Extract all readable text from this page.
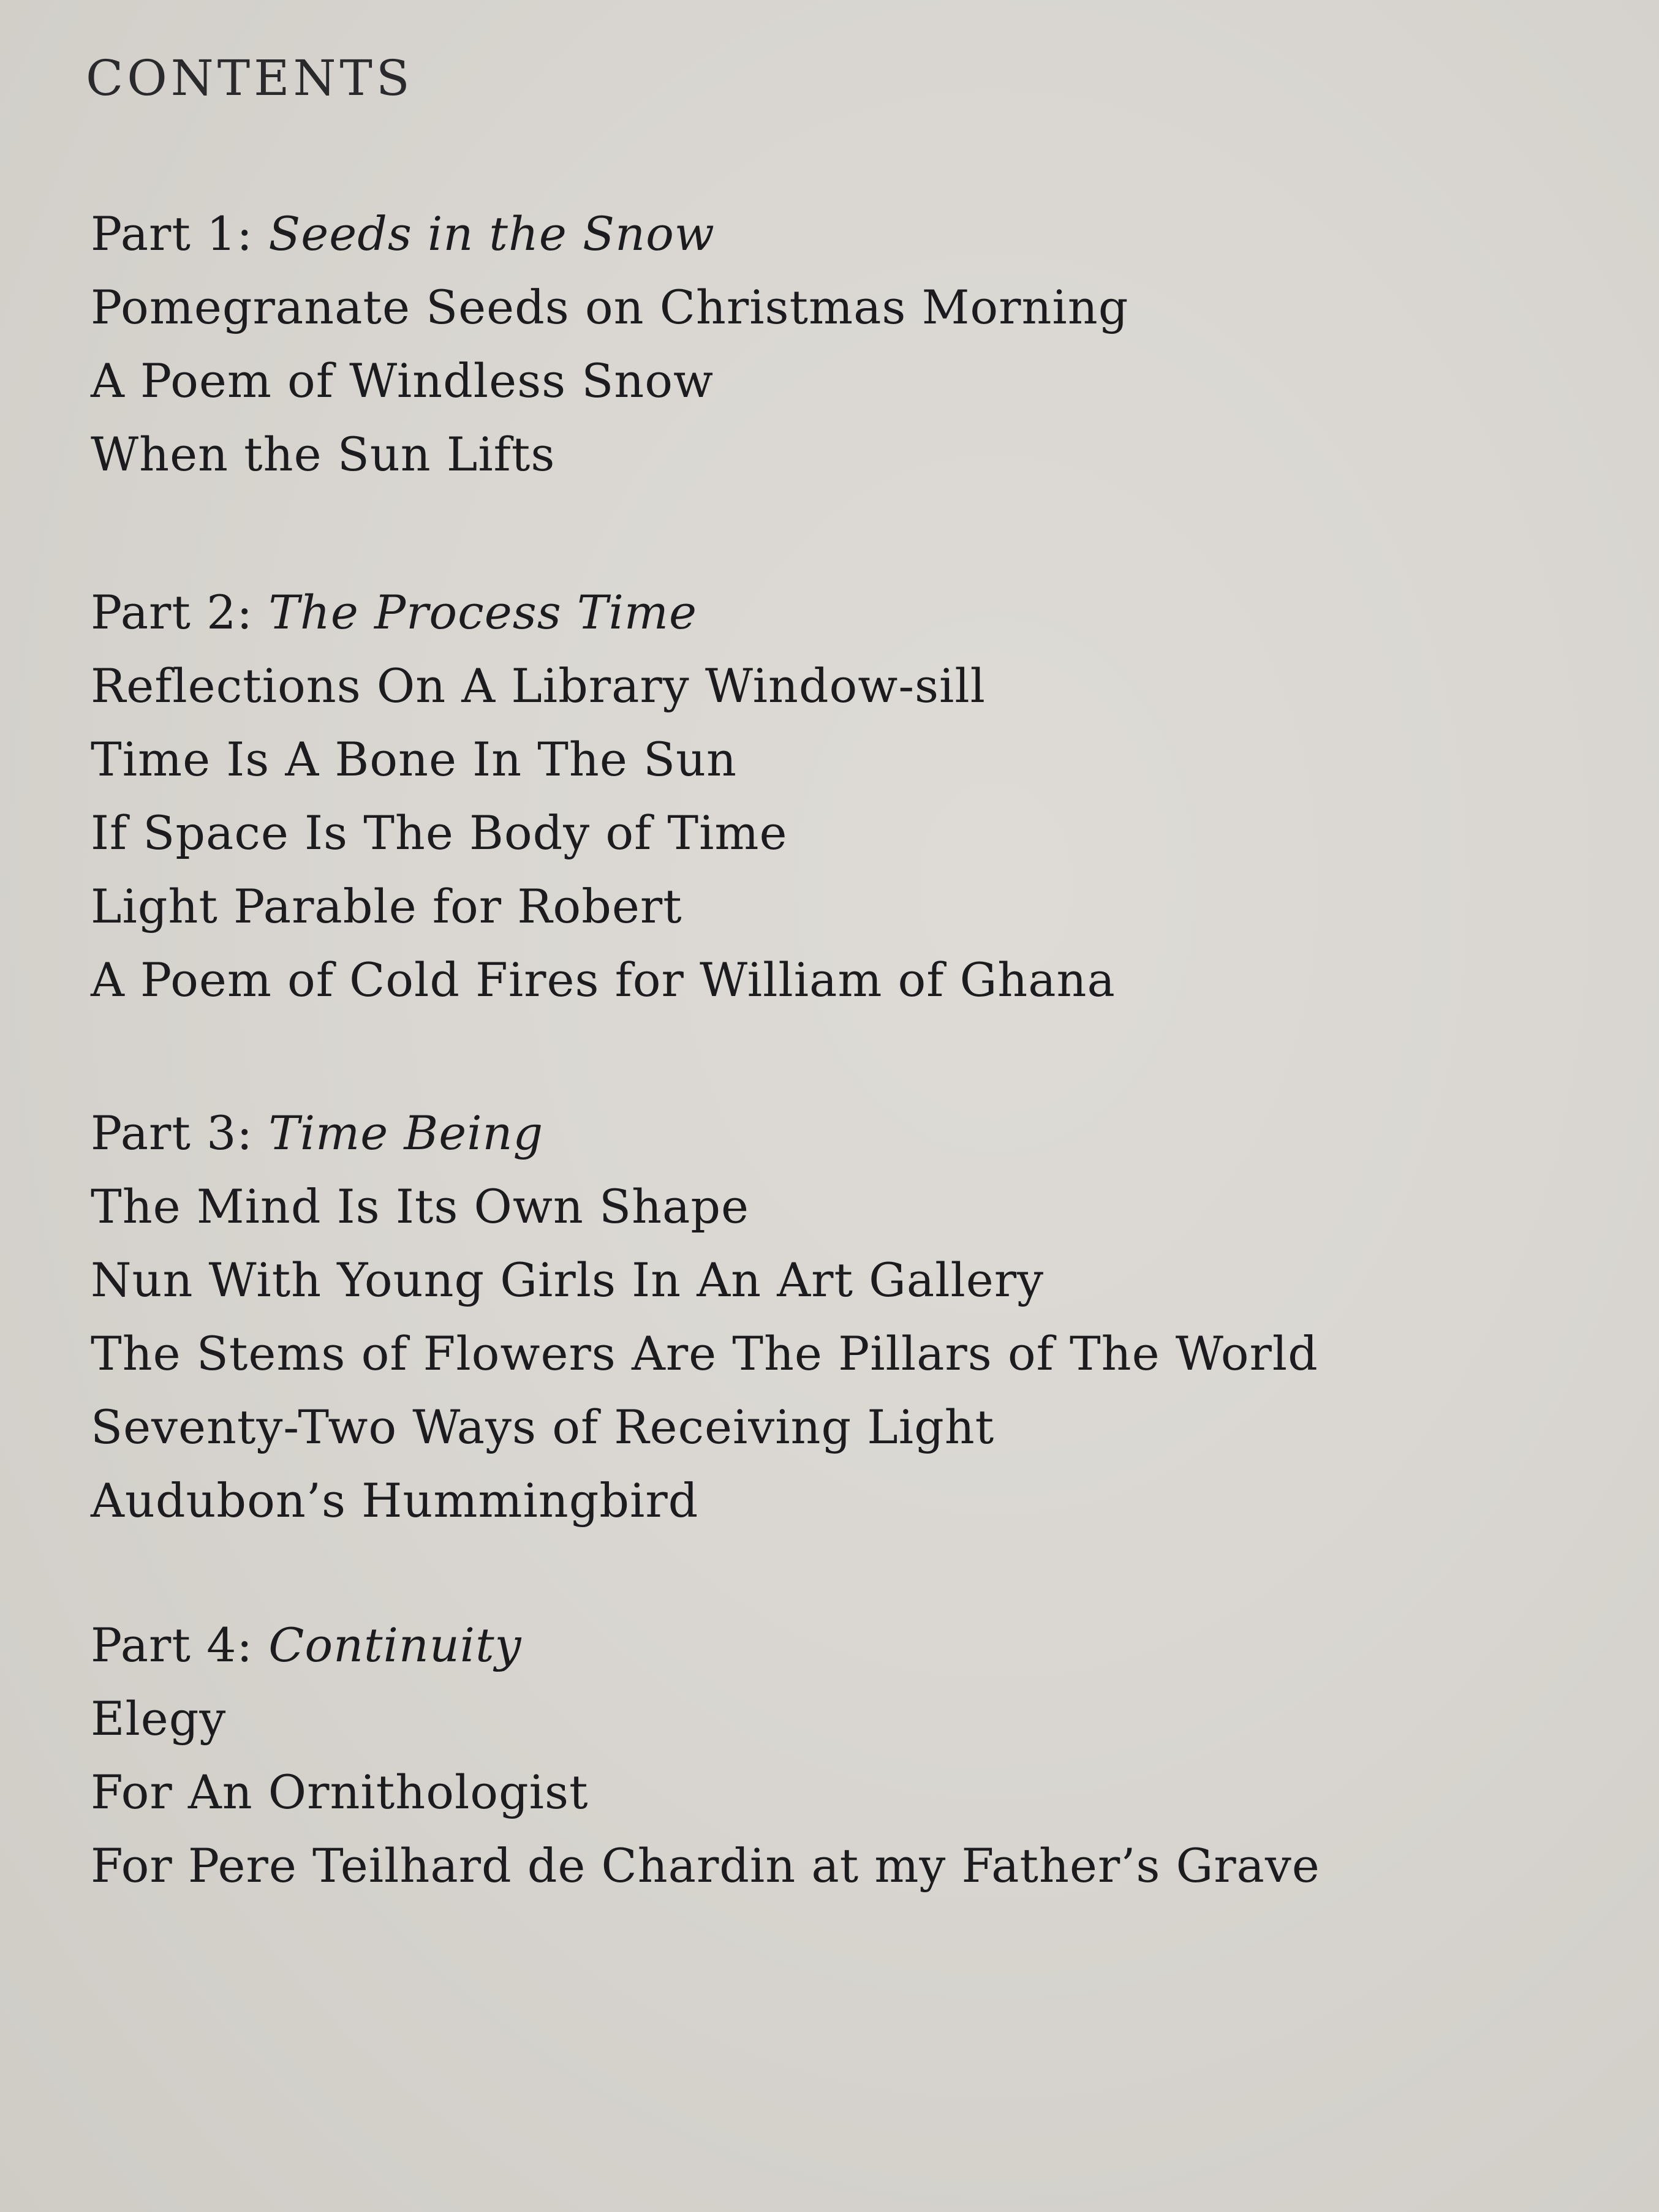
CONTENTS
Part 1: Seeds in the Snow
Pomegranate Seeds on Christmas Morning
A Poem of Windless Snow
When the Sun Lifts
Part 2: The Process Time
Reflections On A Library Window-sill
Time Is A Bone In The Sun
If Space Is The Body of Time
Light Parable for Robert
A Poem of Cold Fires for William of Ghana
Part 3: Time Being
The Mind Is Its Own Shape
Nun With Young Girls In An Art Gallery
The Stems of Flowers Are The Pillars of The World
Seventy-Two Ways of Receiving Light
Audubon’s Hummingbird
Part 4: Continuity
Elegy
For An Ornithologist
For Pere Teilhard de Chardin at my Father’s Grave
